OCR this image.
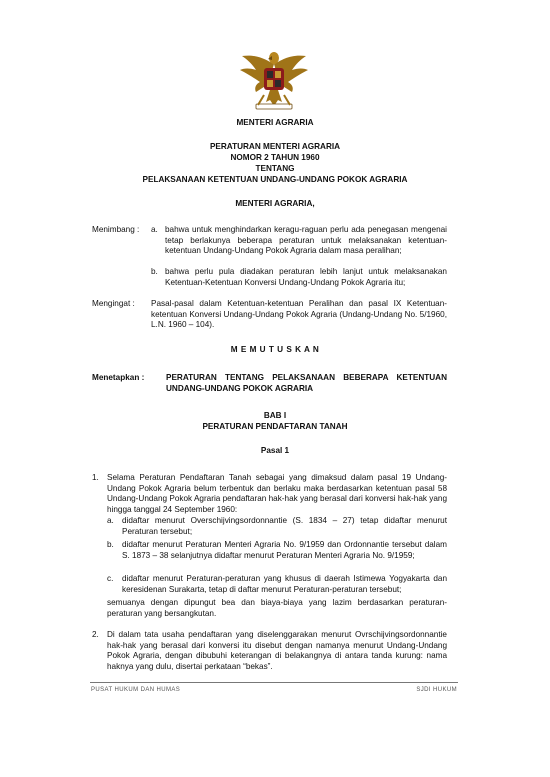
MENTERI AGRARIA
PERATURAN MENTERI AGRARIA
NOMOR 2 TAHUN 1960
TENTANG
PELAKSANAAN KETENTUAN UNDANG-UNDANG POKOK AGRARIA
MENTERI AGRARIA,
Menimbang : a. bahwa untuk menghindarkan keragu-raguan perlu ada penegasan mengenai tetap berlakunya beberapa peraturan untuk melaksanakan ketentuan-ketentuan Undang-Undang Pokok Agraria dalam masa peralihan;
b. bahwa perlu pula diadakan peraturan lebih lanjut untuk melaksanakan Ketentuan-Ketentuan Konversi Undang-Undang Pokok Agraria itu;
Mengingat : Pasal-pasal dalam Ketentuan-ketentuan Peralihan dan pasal IX Ketentuan-ketentuan Konversi Undang-Undang Pokok Agraria (Undang-Undang No. 5/1960, L.N. 1960 – 104).
M E M U T U S K A N
Menetapkan :	PERATURAN TENTANG PELAKSANAAN BEBERAPA KETENTUAN UNDANG-UNDANG POKOK AGRARIA
BAB I
PERATURAN PENDAFTARAN TANAH
Pasal 1
1. Selama Peraturan Pendaftaran Tanah sebagai yang dimaksud dalam pasal 19 Undang-Undang Pokok Agraria belum terbentuk dan berlaku maka berdasarkan ketentuan pasal 58 Undang-Undang Pokok Agraria pendaftaran hak-hak yang berasal dari konversi hak-hak yang hingga tanggal 24 September 1960:
a. didaftar menurut Overschijvingsordonnantie (S. 1834 – 27) tetap didaftar menurut Peraturan tersebut;
b. didaftar menurut Peraturan Menteri Agraria No. 9/1959 dan Ordonnantie tersebut dalam S. 1873 – 38 selanjutnya didaftar menurut Peraturan Menteri Agraria No. 9/1959;
c. didaftar menurut Peraturan-peraturan yang khusus di daerah Istimewa Yogyakarta dan keresidenan Surakarta, tetap di daftar menurut Peraturan-peraturan tersebut;
semuanya dengan dipungut bea dan biaya-biaya yang lazim berdasarkan peraturan-peraturan yang bersangkutan.
2. Di dalam tata usaha pendaftaran yang diselenggarakan menurut Ovrschijvingsordonnantie hak-hak yang berasal dari konversi itu disebut dengan namanya menurut Undang-Undang Pokok Agraria, dengan dibubuhi keterangan di belakangnya di antara tanda kurung: nama haknya yang dulu, disertai perkataan “bekas”.
PUSAT HUKUM DAN HUMAS	SJDI HUKUM
